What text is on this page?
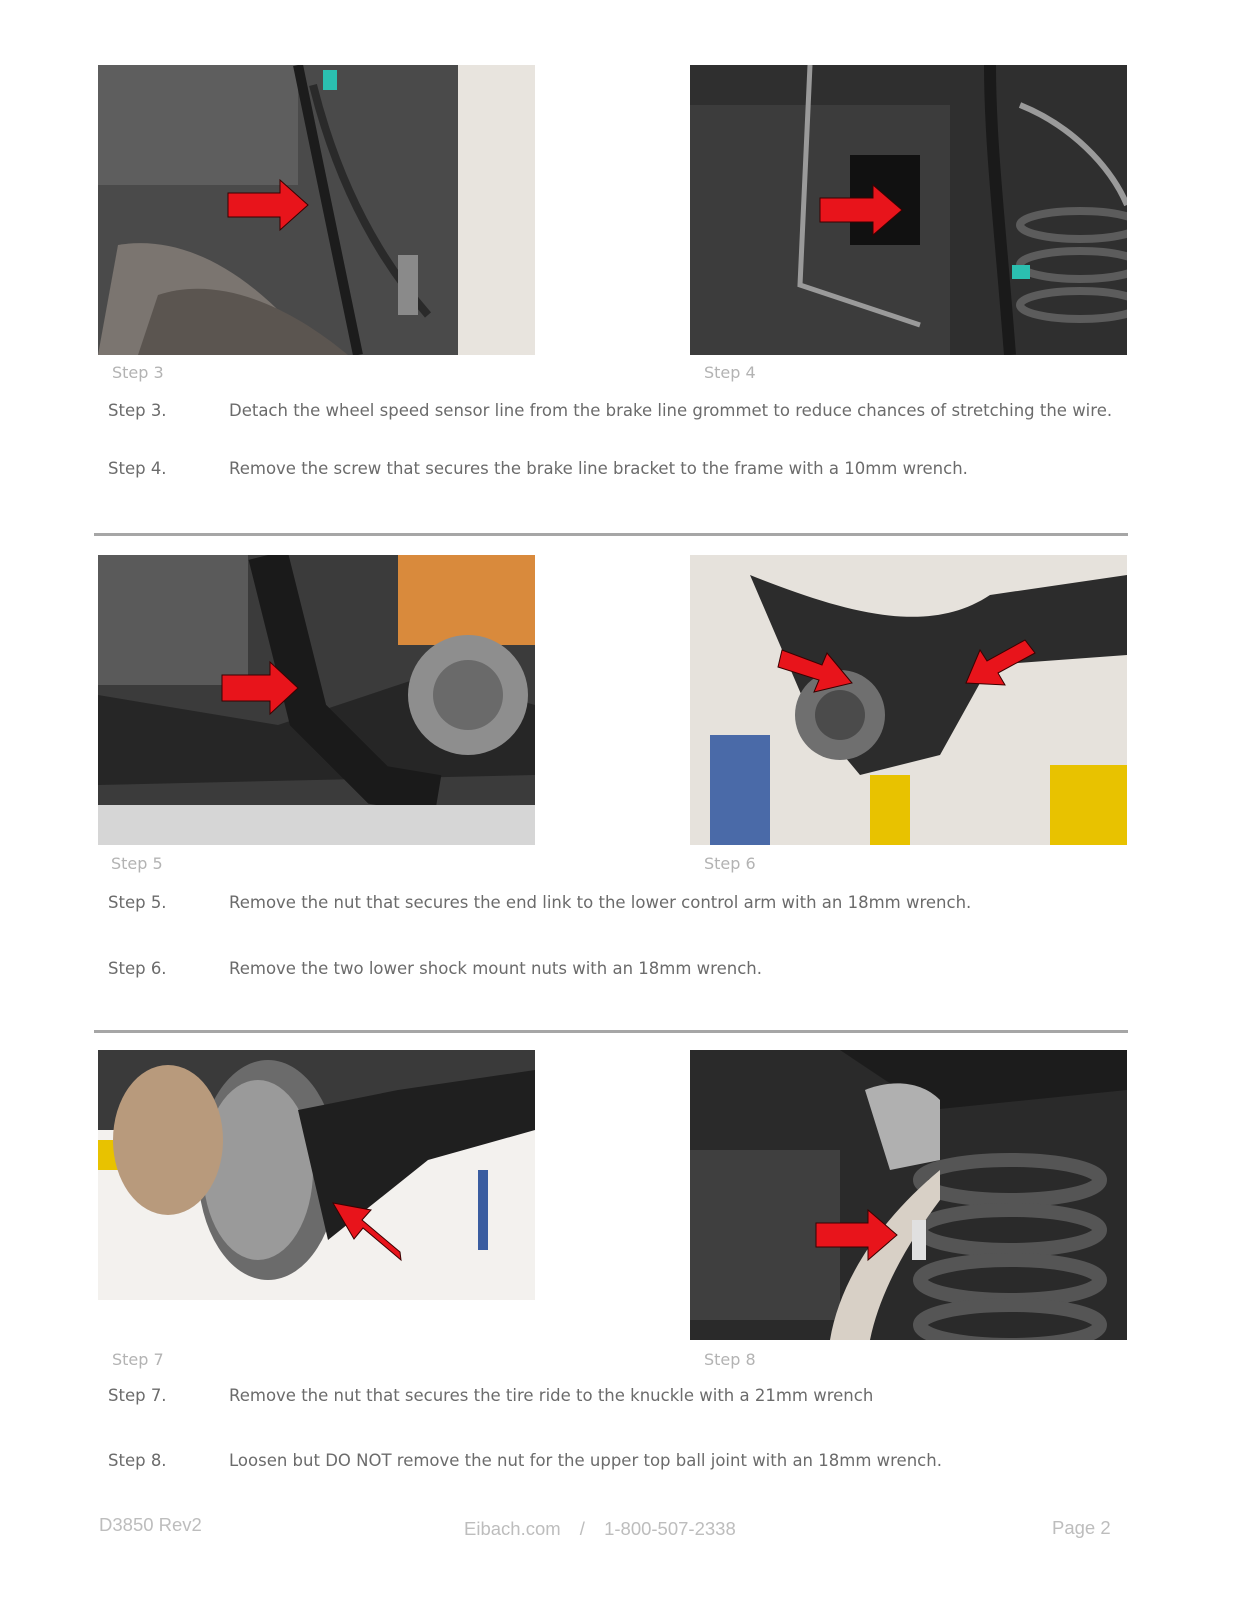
Step 3	Step 4
Step 3.	Detach the wheel speed sensor line from the brake line grommet to reduce chances of stretching the wire.
Step 4.	Remove the screw that secures the brake line bracket to the frame with a 10mm wrench.
Step 5	Step 6
Step 5.	Remove the nut that secures the end link to the lower control arm with an 18mm wrench.
Step 6.	Remove the two lower shock mount nuts with an 18mm wrench.
Step 7	Step 8
Step 7.	Remove the nut that secures the tire ride to the knuckle with a 21mm wrench
Step 8.	Loosen but DO NOT remove the nut for the upper top ball joint with an 18mm wrench.
D3850 Rev2	Eibach.com / 1-800-507-2338	Page 2
